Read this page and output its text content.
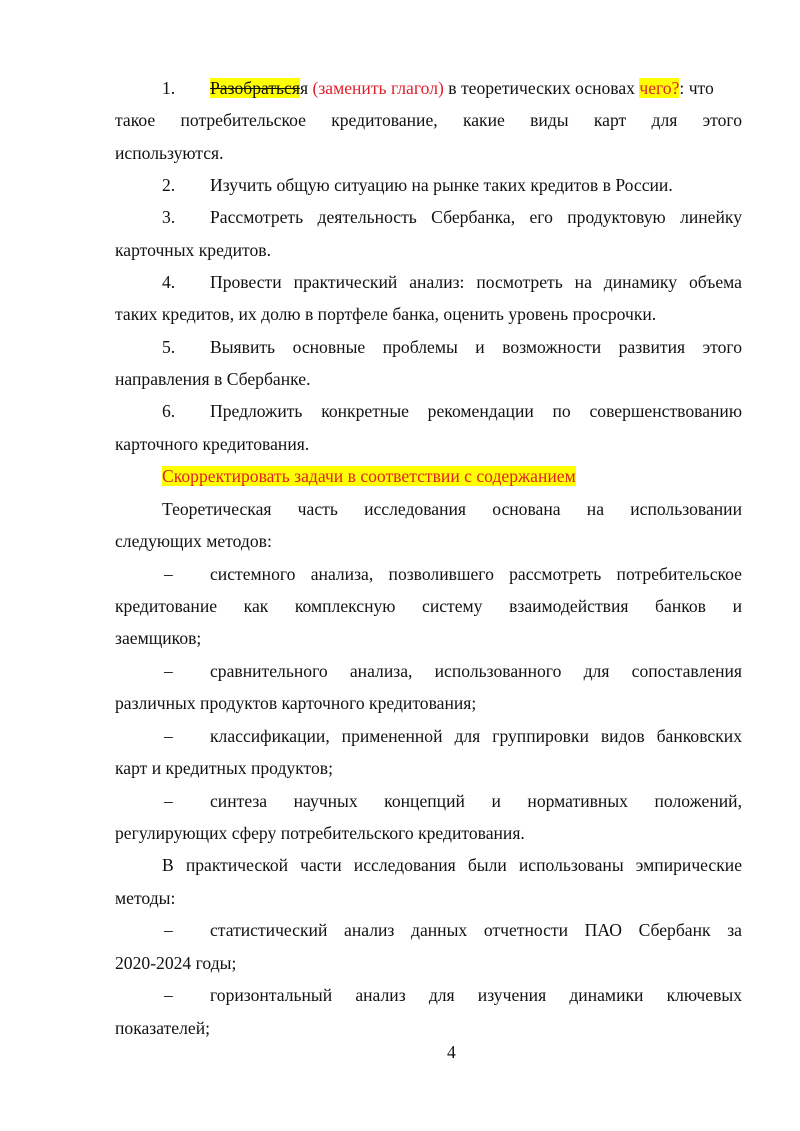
1.	Разобратьсяя (заменить глагол) в теоретических основах чего?: что
такое потребительское кредитование, какие виды карт для этого
используются.
2.	Изучить общую ситуацию на рынке таких кредитов в России.
3.	Рассмотреть деятельность Сбербанка, его продуктовую линейку
карточных кредитов.
4.	Провести практический анализ: посмотреть на динамику объема
таких кредитов, их долю в портфеле банка, оценить уровень просрочки.
5.	Выявить основные проблемы и возможности развития этого
направления в Сбербанке.
6.	Предложить конкретные рекомендации по совершенствованию
карточного кредитования.
Скорректировать задачи в соответствии с содержанием
Теоретическая часть исследования основана на использовании
следующих методов:
–	системного анализа, позволившего рассмотреть потребительское
кредитование как комплексную систему взаимодействия банков и
заемщиков;
–	сравнительного анализа, использованного для сопоставления
различных продуктов карточного кредитования;
–	классификации, примененной для группировки видов банковских
карт и кредитных продуктов;
–	синтеза научных концепций и нормативных положений,
регулирующих сферу потребительского кредитования.
В практической части исследования были использованы эмпирические
методы:
–	статистический анализ данных отчетности ПАО Сбербанк за
2020-2024 годы;
–	горизонтальный анализ для изучения динамики ключевых
показателей;
4
